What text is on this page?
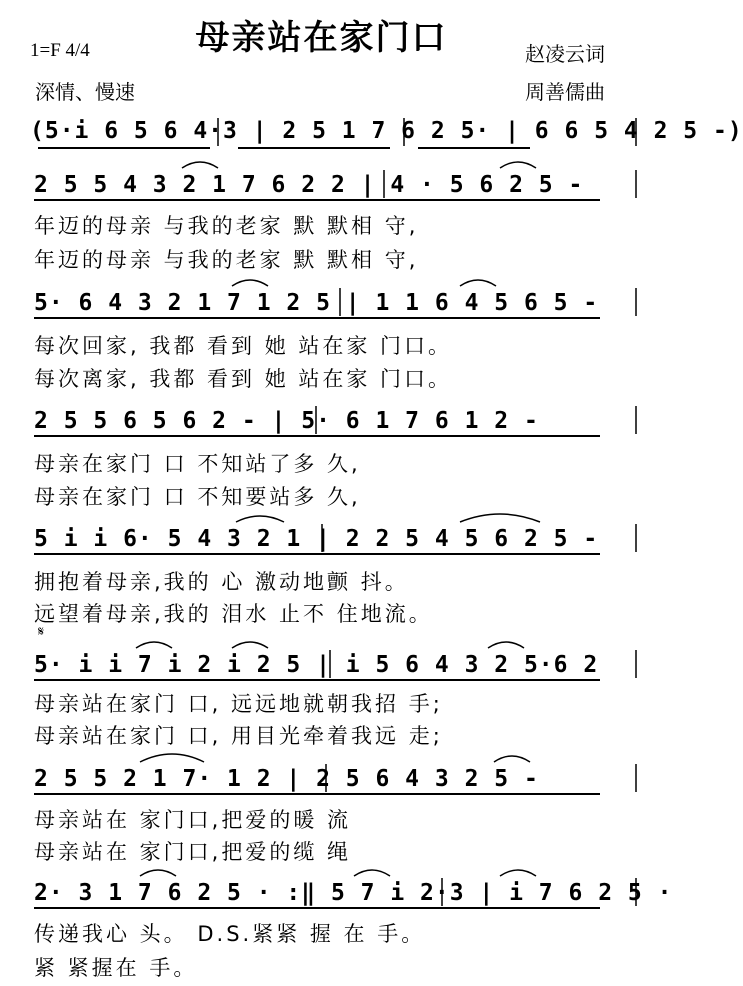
母亲站在家门口
1=F 4/4
深情、慢速
赵凌云词
周善儒曲
(5·i 6 5 6 4·3 | 2 5 1 7 6 2 5· | 6 6 5 4 2 5 -)
2 5 5 4 3 2 1 7 6 2 2 | 4 · 5 6 2 5 -
年迈的母亲 与我的老家 默 默相 守,
年迈的母亲 与我的老家 默 默相 守,
5· 6 4 3 2 1 7 1 2 5 | 1 1 6 4 5 6 5 -
每次回家, 我都 看到 她 站在家 门口。
每次离家, 我都 看到 她 站在家 门口。
2 5 5 6 5 6 2 - | 5· 6 1 7 6 1 2 -
母亲在家门 口 不知站了多 久,
母亲在家门 口 不知要站多 久,
5 i i 6· 5 4 3 2 1 | 2 2 5 4 5 6 2 5 -
拥抱着母亲,我的 心 激动地颤 抖。
远望着母亲,我的 泪水 止不 住地流。
𝄋
5· i i 7 i 2 i 2 5 | i 5 6 4 3 2 5·6 2
母亲站在家门 口, 远远地就朝我招 手;
母亲站在家门 口, 用目光牵着我远 走;
2 5 5 2 1 7· 1 2 | 2 5 6 4 3 2 5 -
母亲站在 家门口,把爱的暖 流
母亲站在 家门口,把爱的缆 绳
2· 3 1 7 6 2 5 · :‖ 5 7 i 2·3 | i 7 6 2 5 ·
传递我心 头。 D.S.紧紧 握 在 手。
紧 紧握在 手。
